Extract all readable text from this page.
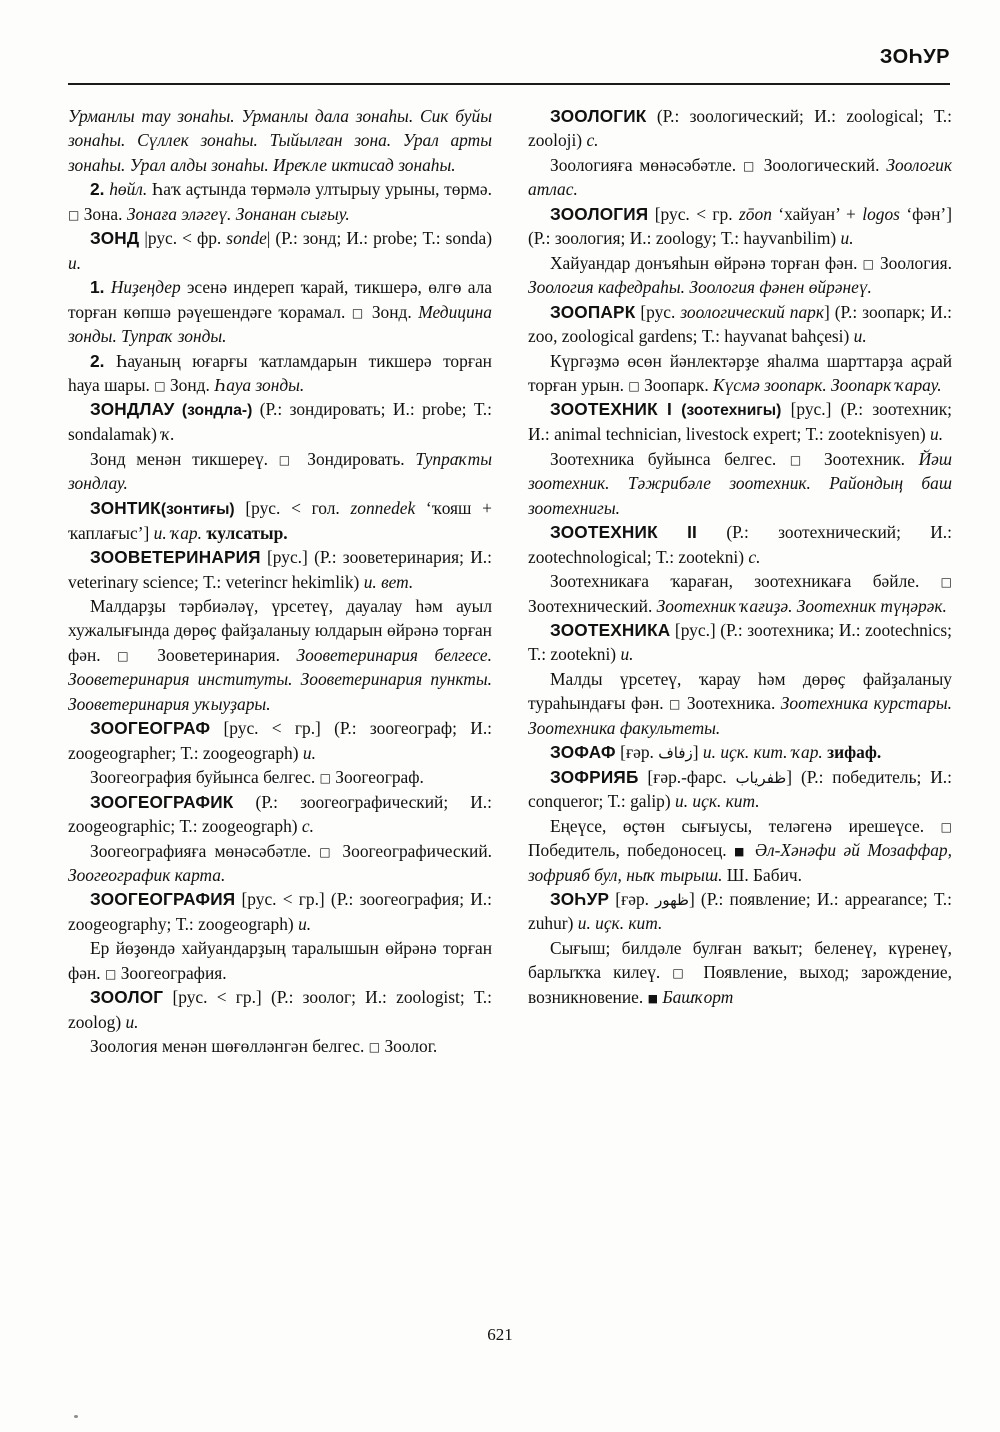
ЗОҺУР

Урманлы тау зонаһы. Урманлы дала зонаһы. Сик буйы зонаһы. Сүллек зонаһы. Тыйылған зона. Урал арты зонаһы. Урал алды зонаһы. Иреҡле иктисад зонаһы.

2. һөйл. Һаҡ аҫтында төрмәлә ултырыу урыны, төрмә. □ Зона. Зонаға эләгеү. Зонанан сығыу.

ЗОНД |рус. < фр. sonde| (Р.: зонд; И.: probe; Т.: sonda) и.

1. Ниҙеңдер эсенә индереп ҡарай, тикшерә, өлгө ала торған көпшә рәүешендәге ҡорамал. □ Зонд. Медицина зонды. Тупраҡ зонды.

2. Һауаның юғарғы ҡатламдарын тикшерә торған һауа шары. □ Зонд. Һауа зонды.

ЗОНДЛАУ (зондла-) (Р.: зондировать; И.: probe; Т.: sondalamak) ҡ.

Зонд менән тикшереү. □ Зондировать. Тупраҡты зондлау.

ЗОНТИК(зонтиғы) [рус. < гол. zonnedek ‘ҡояш + ҡаплағыс’] и. ҡар. ҡулсатыр.

ЗООВЕТЕРИНАРИЯ [рус.] (Р.: зооветеринария; И.: veterinary science; Т.: veterincr hekimlik) и. вет.

Малдарҙы тәрбиәләү, үрсетеү, дауалау һәм ауыл хужалығында дөрөҫ файҙаланыу юлдарын өйрәнә торған фән. □ Зооветеринария. Зооветеринария белгесе. Зооветеринария институты. Зооветеринария пункты. Зооветеринария уҡыуҙары.

ЗООГЕОГРАФ [рус. < гр.] (Р.: зоогеограф; И.: zoogeographer; Т.: zoogeograph) и.

Зоогеография буйынса белгес. □ Зоогеограф.

ЗООГЕОГРАФИК (Р.: зоогеографический; И.: zoogeographic; Т.: zoogeograph) с.

Зоогеографияға мөнәсәбәтле. □ Зоогеографический. Зоогеографик карта.

ЗООГЕОГРАФИЯ [рус. < гр.] (Р.: зоогеография; И.: zoogeography; Т.: zoogeograph) и.

Ер йөҙөндә хайуандарҙың таралышын өйрәнә торған фән. □ Зоогеография.

ЗООЛОГ [рус. < гр.] (Р.: зоолог; И.: zoologist; Т.: zoolog) и.

Зоология менән шөғөлләнгән белгес. □ Зоолог.

ЗООЛОГИК (Р.: зоологический; И.: zoological; Т.: zooloji) с.

Зоологияға мөнәсәбәтле. □ Зоологический. Зоологик атлас.

ЗООЛОГИЯ [рус. < гр. zōon ‘хайуан’ + logos ‘фән’] (Р.: зоология; И.: zoology; Т.: hayvanbilim) и.

Хайуандар донъяһын өйрәнә торған фән. □ Зоология. Зоология кафедраһы. Зоология фәнен өйрәнеү.

ЗООПАРК [рус. зоологический парк] (Р.: зоопарк; И.: zoo, zoological gardens; Т.: hayvanat bahçesi) и.

Күргәҙмә өсөн йәнлектәрҙе яһалма шарттарҙа аҫрай торған урын. □ Зоопарк. Күсмә зоопарк. Зоопарк ҡарау.

ЗООТЕХНИК I (зоотехнигы) [рус.] (Р.: зоотехник; И.: animal technician, livestock expert; Т.: zooteknisyen) и.

Зоотехника буйынса белгес. □ Зоотехник. Йәш зоотехник. Тәжрибәле зоотехник. Райондың баш зоотехнигы.

ЗООТЕХНИК II (Р.: зоотехнический; И.: zootechnological; Т.: zootekni) с.

Зоотехникаға ҡараған, зоотехникаға бәйле. □ Зоотехнический. Зоотехник ҡағиҙә. Зоотехник түңәрәк.

ЗООТЕХНИКА [рус.] (Р.: зоотехника; И.: zootechnics; Т.: zootekni) и.

Малды үрсетеү, ҡарау һәм дөрөҫ файҙаланыу тураһындағы фән. □ Зоотехника. Зоотехника курстары. Зоотехника факультеты.

ЗОФАФ [ғәр. زفاف] и. иҫк. кит. ҡар. зифаф.

ЗОФРИЯБ [ғәр.-фарс. ظفرياب] (Р.: победитель; И.: conqueror; Т.: galip) и. иҫк. кит.

Еңеүсе, өҫтөн сығыусы, теләгенә ирешеүсе. □ Победитель, победоносец. ■ Әл-Хәнәфи әй Мозаффар, зофрияб бул, ныҡ тырыш. Ш. Бабич.

ЗОҺУР [ғәр. ظهور] (Р.: появление; И.: appearance; Т.: zuhur) и. иҫк. кит.

Сығыш; билдәле булған ваҡыт; беленеү, күренеү, барлыҡҡа килеү. □ Появление, выход; зарождение, возникновение. ■ Башҡорт

621
